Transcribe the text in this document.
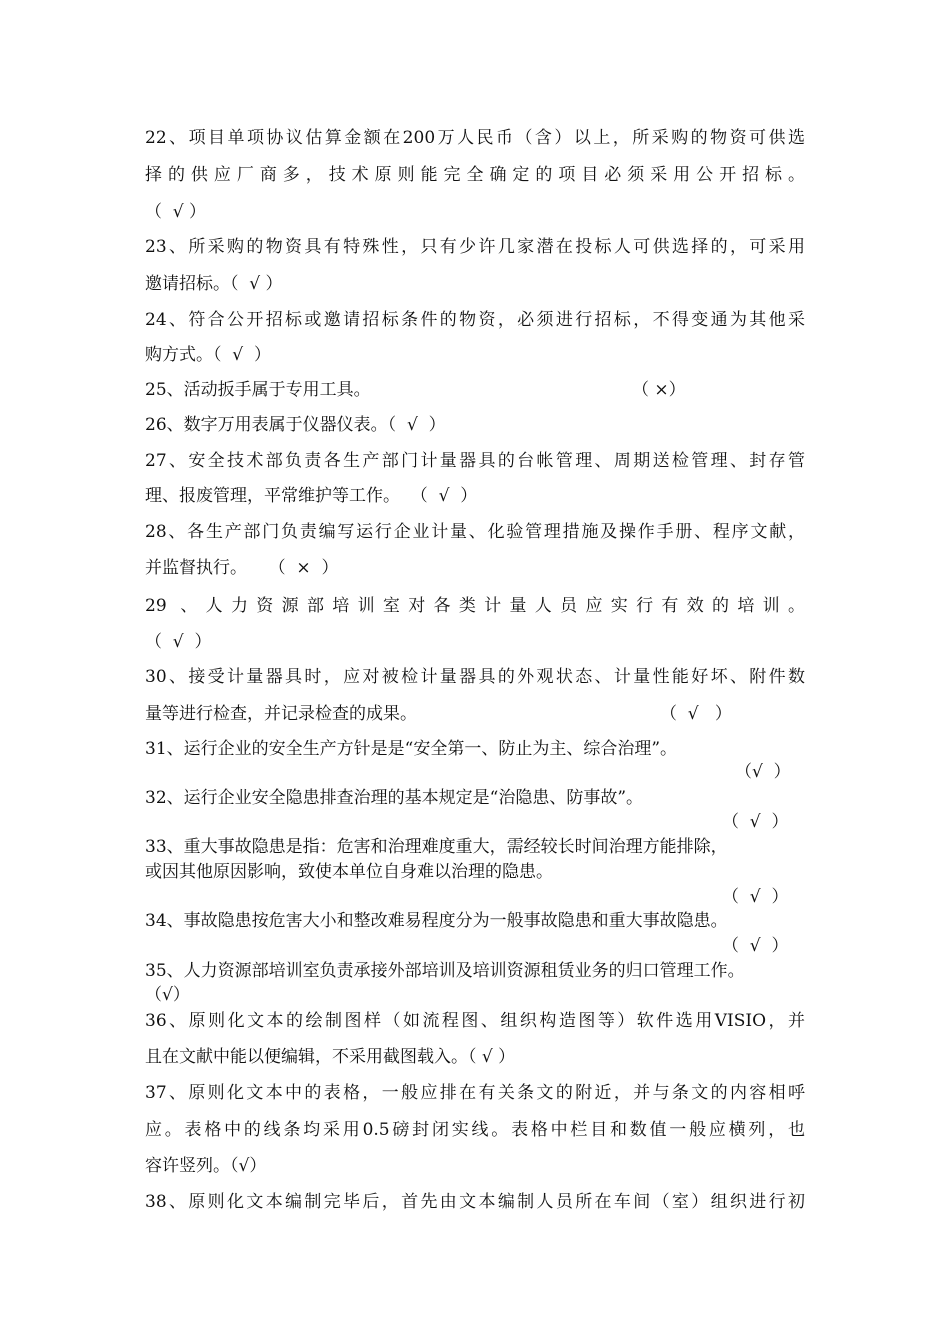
22、项目单项协议估算金额在200万人民币（含）以上，所采购的物资可供选
择的供应厂商多，技术原则能完全确定的项目必须采用公开招标。
（  √ ）
23、所采购的物资具有特殊性，只有少许几家潜在投标人可供选择的，可采用
邀请招标。（  √ ）
24、符合公开招标或邀请招标条件的物资，必须进行招标，不得变通为其他采
购方式。（  √  ）
25、活动扳手属于专用工具。	（ ×）
26、数字万用表属于仪器仪表。（  √  ）
27、安全技术部负责各生产部门计量器具的台帐管理、周期送检管理、封存管
理、报废管理，平常维护等工作。  （  √  ）
28、各生产部门负责编写运行企业计量、化验管理措施及操作手册、程序文献，
并监督执行。    （  ×  ）
29 、人力资源部培训室对各类计量人员应实行有效的培训。
（  √  ）
30、接受计量器具时，应对被检计量器具的外观状态、计量性能好坏、附件数
量等进行检查，并记录检查的成果。	（  √   ）
31、运行企业的安全生产方针是是“安全第一、防止为主、综合治理”。
（√  ）
32、运行企业安全隐患排查治理的基本规定是“治隐患、防事故”。
（  √  ）
33、重大事故隐患是指：危害和治理难度重大，需经较长时间治理方能排除，
或因其他原因影响，致使本单位自身难以治理的隐患。
（  √  ）
34、事故隐患按危害大小和整改难易程度分为一般事故隐患和重大事故隐患。
（  √  ）
35、人力资源部培训室负责承接外部培训及培训资源租赁业务的归口管理工作。
（√）
36、原则化文本的绘制图样（如流程图、组织构造图等）软件选用VISIO，并
且在文献中能以便编辑，不采用截图载入。（ √ ）
37、原则化文本中的表格，一般应排在有关条文的附近，并与条文的内容相呼
应。表格中的线条均采用0.5磅封闭实线。表格中栏目和数值一般应横列，也
容许竖列。（√）
38、原则化文本编制完毕后，首先由文本编制人员所在车间（室）组织进行初
